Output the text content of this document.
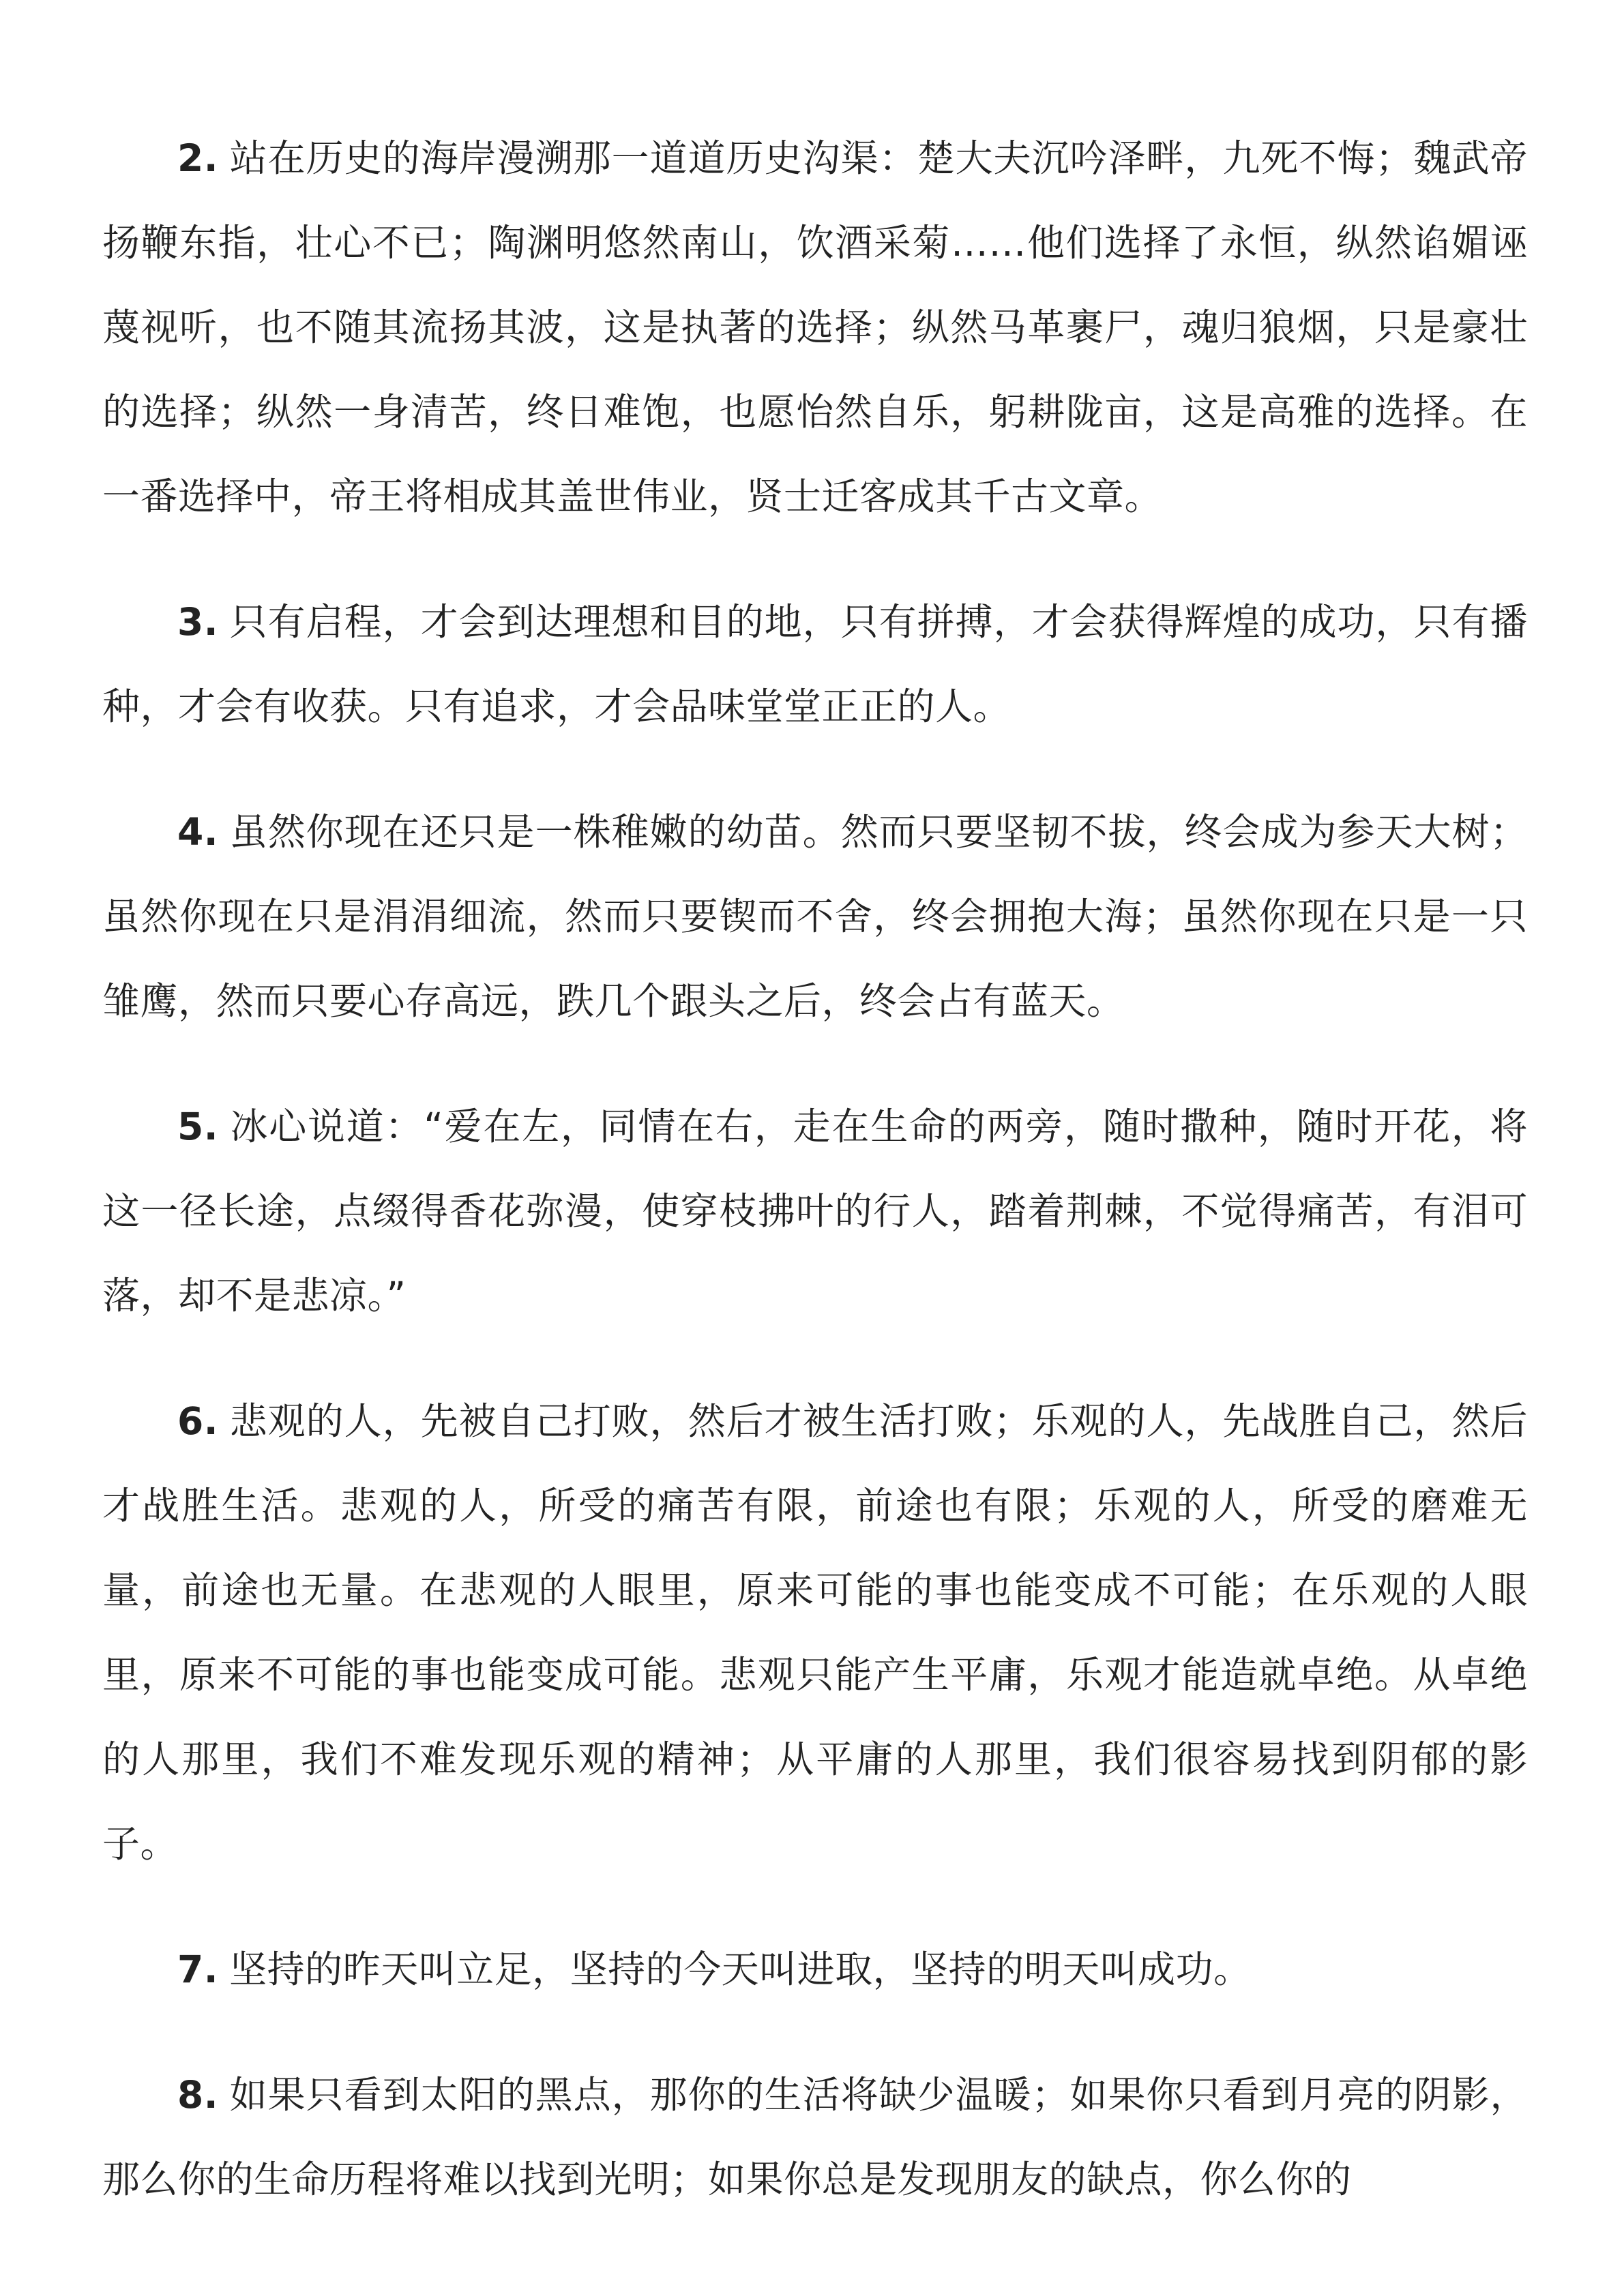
2. 站在历史的海岸漫溯那一道道历史沟渠：楚大夫沉吟泽畔，九死不悔；魏武帝扬鞭东指，壮心不已；陶渊明悠然南山，饮酒采菊……他们选择了永恒，纵然谄媚诬蔑视听，也不随其流扬其波，这是执著的选择；纵然马革裹尸，魂归狼烟，只是豪壮的选择；纵然一身清苦，终日难饱，也愿怡然自乐，躬耕陇亩，这是高雅的选择。在一番选择中，帝王将相成其盖世伟业，贤士迁客成其千古文章。

3. 只有启程，才会到达理想和目的地，只有拼搏，才会获得辉煌的成功，只有播种，才会有收获。只有追求，才会品味堂堂正正的人。

4. 虽然你现在还只是一株稚嫩的幼苗。然而只要坚韧不拔，终会成为参天大树；虽然你现在只是涓涓细流，然而只要锲而不舍，终会拥抱大海；虽然你现在只是一只雏鹰，然而只要心存高远，跌几个跟头之后，终会占有蓝天。

5. 冰心说道：“爱在左，同情在右，走在生命的两旁，随时撒种，随时开花，将这一径长途，点缀得香花弥漫，使穿枝拂叶的行人，踏着荆棘，不觉得痛苦，有泪可落，却不是悲凉。”

6. 悲观的人，先被自己打败，然后才被生活打败；乐观的人，先战胜自己，然后才战胜生活。悲观的人，所受的痛苦有限，前途也有限；乐观的人，所受的磨难无量，前途也无量。在悲观的人眼里，原来可能的事也能变成不可能；在乐观的人眼里，原来不可能的事也能变成可能。悲观只能产生平庸，乐观才能造就卓绝。从卓绝的人那里，我们不难发现乐观的精神；从平庸的人那里，我们很容易找到阴郁的影子。

7. 坚持的昨天叫立足，坚持的今天叫进取，坚持的明天叫成功。

8. 如果只看到太阳的黑点，那你的生活将缺少温暖；如果你只看到月亮的阴影，那么你的生命历程将难以找到光明；如果你总是发现朋友的缺点，你么你的
